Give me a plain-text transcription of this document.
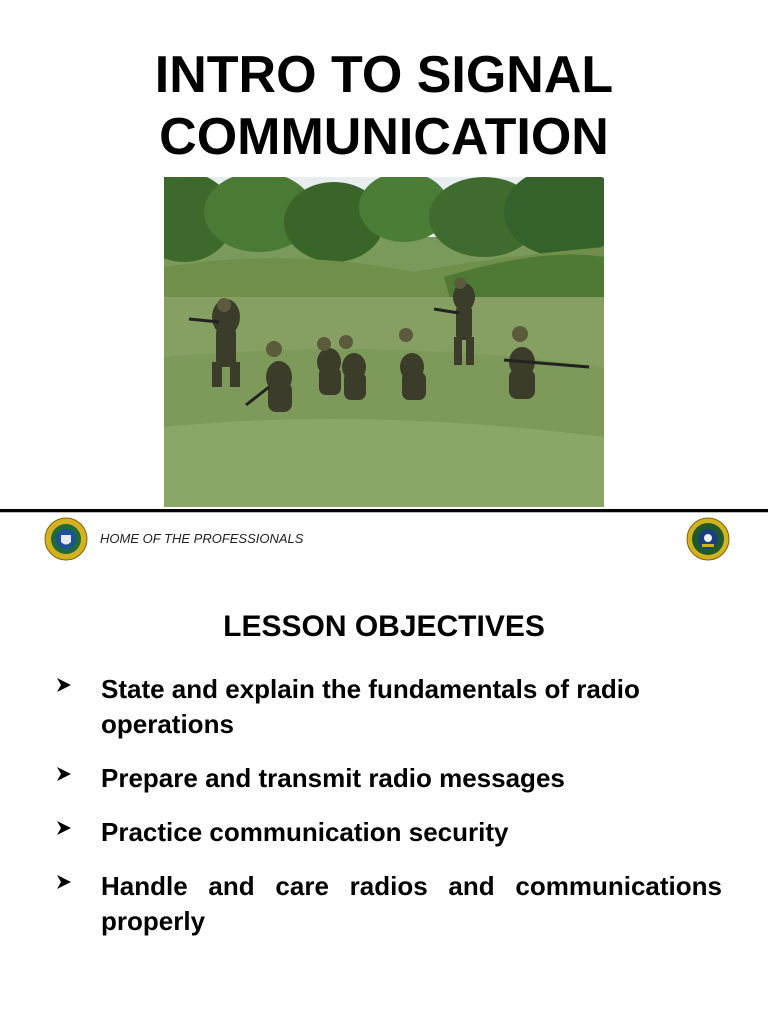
INTRO TO SIGNAL
COMMUNICATION
HOME OF THE PROFESSIONALS
LESSON OBJECTIVES
State and explain the fundamentals of radio operations
Prepare and transmit radio messages
Practice communication security
Handle and care radios and communications properly
